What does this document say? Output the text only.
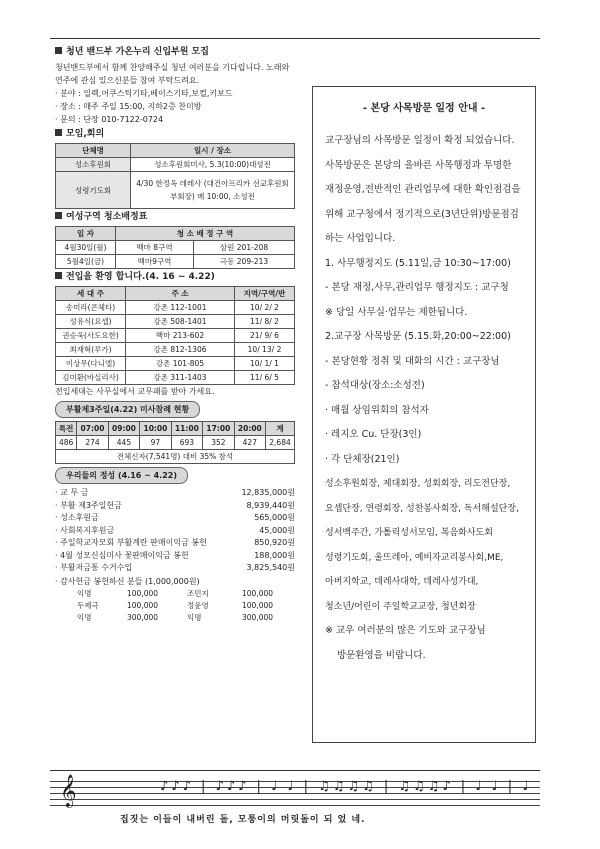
청년 밴드부 가온누리 신입부원 모집
청년밴드부에서 함께 찬양해주실 청년 여러분을 기다립니다. 노래와 연주에 관심 있으신분들 참여 부탁드려요.
· 분야 : 일렉,어쿠스틱기타,베이스기타,보컬,키보드
· 장소 : 매주 주일 15:00, 지하2층 찬미방
· 문의 : 단장 010-7122-0724
모임,회의
단체명	일시 / 장소
성소후원회	성소후원회미사, 5.3(10:00)대성전
성령기도회	4/30 한정옥 데레사 (대건아프리카 선교후원회부회장) 매 10:00, 소성전
여성구역 청소배정표
일 자	청 소 배 정 구 역	
4월30일(월)	백마 8구역	삼원 201-208
5월4일(금)	백마9구역	극동 209-213
전입을 환영 합니다.(4. 16 ~ 4.22)
세 대 주	주 소	지역/구역/반
송미라(콘체타)	강촌 112-1001	10/ 2/ 2
성유식(요셉)	강촌 508-1401	11/ 8/ 2
권승욱(사도요한)	백마 213-602	21/ 9/ 6
최재혁(루가)	강촌 812-1306	10/ 13/ 2
이상무(다니엘)	강촌 101-805	10/ 1/ 1
김미환(바실리사)	강촌 311-1403	11/ 6/ 5
전입세대는 사무실에서 교무패를 받아 가세요.
부활제3주일(4.22) 미사참례 현황
특전	07:00	09:00	10:00	11:00	17:00	20:00	계
486	274	445	97	693	352	427	2,684
전체신자(7,541명) 대비 35% 참석							
우리들의 정성 (4.16 ~ 4.22)
· 교 무 금	12,835,000원
· 부활 제3주일헌금	8,939,440원
· 성소후원금	565,000원
· 사회복지후원금	45,000원
· 주일학교자모회 부활계란 판매이익금 봉헌	850,920원
· 4월 성모신심미사 꽃판매이익금 봉헌	188,000원
· 부활저금통 수거수입	3,825,540원
· 감사헌금 봉헌하신 분들 (1,000,000원)
익명	100,000	조민지	100,000
두제극	100,000	정윤영	100,000
익명	300,000	익명	300,000
- 본당 사목방문 일정 안내 -
교구장님의 사목방문 일정이 확정 되었습니다.
사목방문은 본당의 올바른 사목행정과 투명한
재정운영,전반적인 관리업무에 대한 확인점검을
위해 교구청에서 정기적으로(3년단위)방문점검
하는 사업입니다.
1. 사무행정지도 (5.11일,금 10:30~17:00)
- 본당 재정,사무,관리업무 행정지도 : 교구청
※ 당일 사무실·업무는 제한됩니다.
2.교구장 사목방문 (5.15.화,20:00~22:00)
- 본당현황 정취 및 대화의 시간 : 교구장님
- 참석대상(장소:소성전)
· 매월 상임위회의 참석자
· 레지오 Cu. 단장(3인)
· 각 단체장(21인)
성소후원회장, 제대회장, 성회회장, 리도전단장,
요셉단장, 연령회장, 성찬봉사회장, 독서해설단장,
성서백주간, 가톨릭성서모임, 복음화사도회
성령기도회, 울뜨레아, 예비자교리봉사회,ME,
아버지학교, 데레사대학, 데레사성가대,
청소년/어린이 주일학교교장, 청년회장
※ 교우 여러분의 많은 기도와 교구장님
방문환영을 비랍니다.
𝄞	♪♪♪ | ♪♪♪ | ♩ ♩ | ♫♫♫♫ | ♫♫♫♪ | ♩ ♩ | ♩
집짓는 이들이 내버린 돌, 모퉁이의 머릿돌이 되 었 네.
